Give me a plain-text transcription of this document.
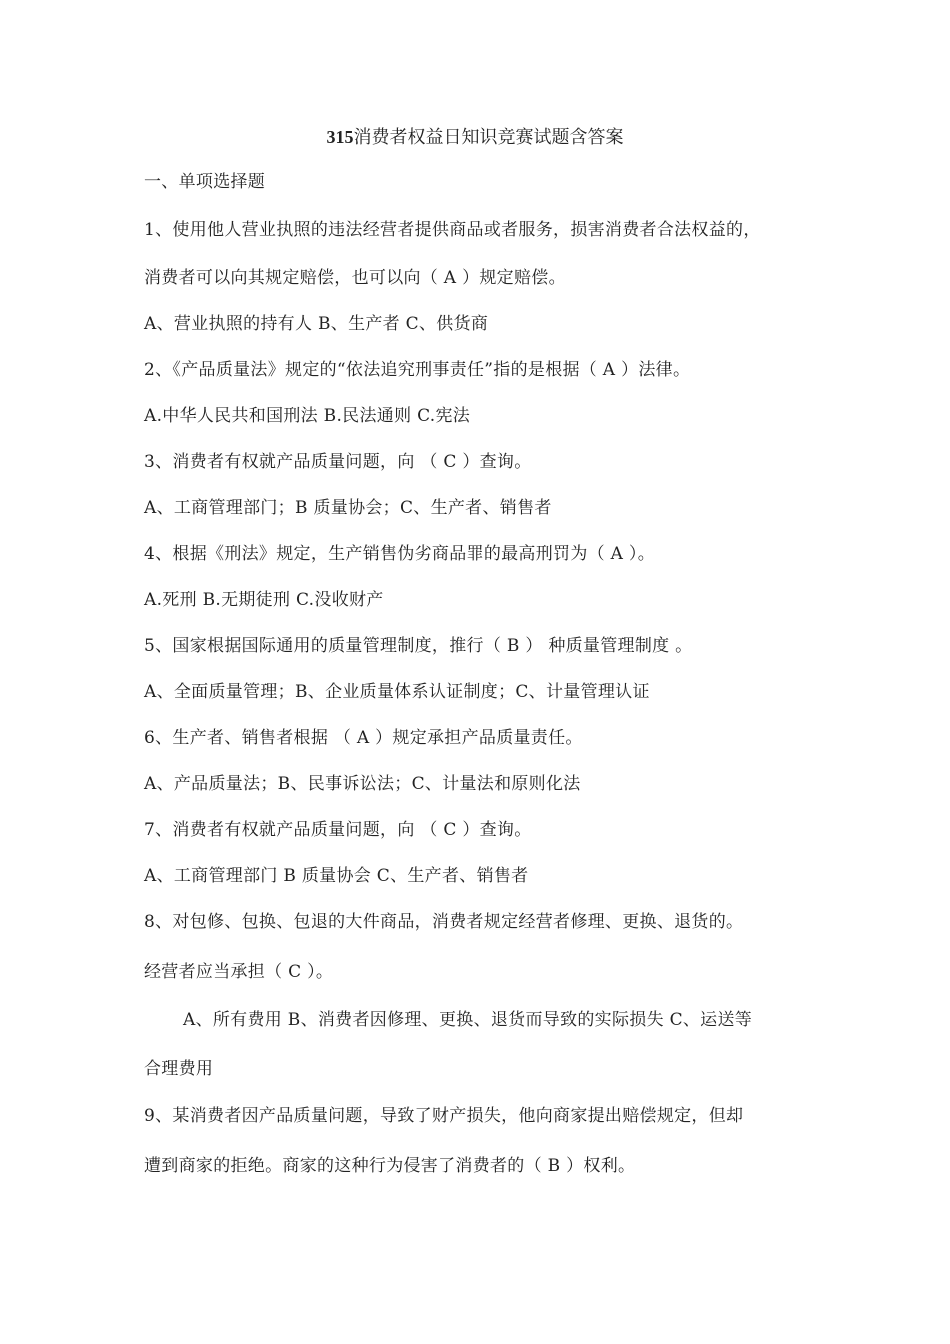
315消费者权益日知识竞赛试题含答案
一、单项选择题
1、使用他人营业执照的违法经营者提供商品或者服务，损害消费者合法权益的，
消费者可以向其规定赔偿，也可以向（ A ）规定赔偿。
A、营业执照的持有人 B、生产者 C、供货商
2、《产品质量法》规定的“依法追究刑事责任”指的是根据（ A ）法律。
A.中华人民共和国刑法 B.民法通则 C.宪法
3、消费者有权就产品质量问题，向 （ C ）查询。
A、工商管理部门；B 质量协会；C、生产者、销售者
4、根据《刑法》规定，生产销售伪劣商品罪的最高刑罚为（ A ）。
A.死刑 B.无期徒刑 C.没收财产
5、国家根据国际通用的质量管理制度，推行（ B ） 种质量管理制度 。
A、全面质量管理；B、企业质量体系认证制度；C、计量管理认证
6、生产者、销售者根据 （ A ）规定承担产品质量责任。
A、产品质量法；B、民事诉讼法；C、计量法和原则化法
7、消费者有权就产品质量问题，向 （ C ）查询。
A、工商管理部门 B 质量协会 C、生产者、销售者
8、对包修、包换、包退的大件商品，消费者规定经营者修理、更换、退货的。
经营者应当承担（ C ）。
A、所有费用 B、消费者因修理、更换、退货而导致的实际损失 C、运送等
合理费用
9、某消费者因产品质量问题，导致了财产损失，他向商家提出赔偿规定，但却
遭到商家的拒绝。商家的这种行为侵害了消费者的（ B ）权利。
